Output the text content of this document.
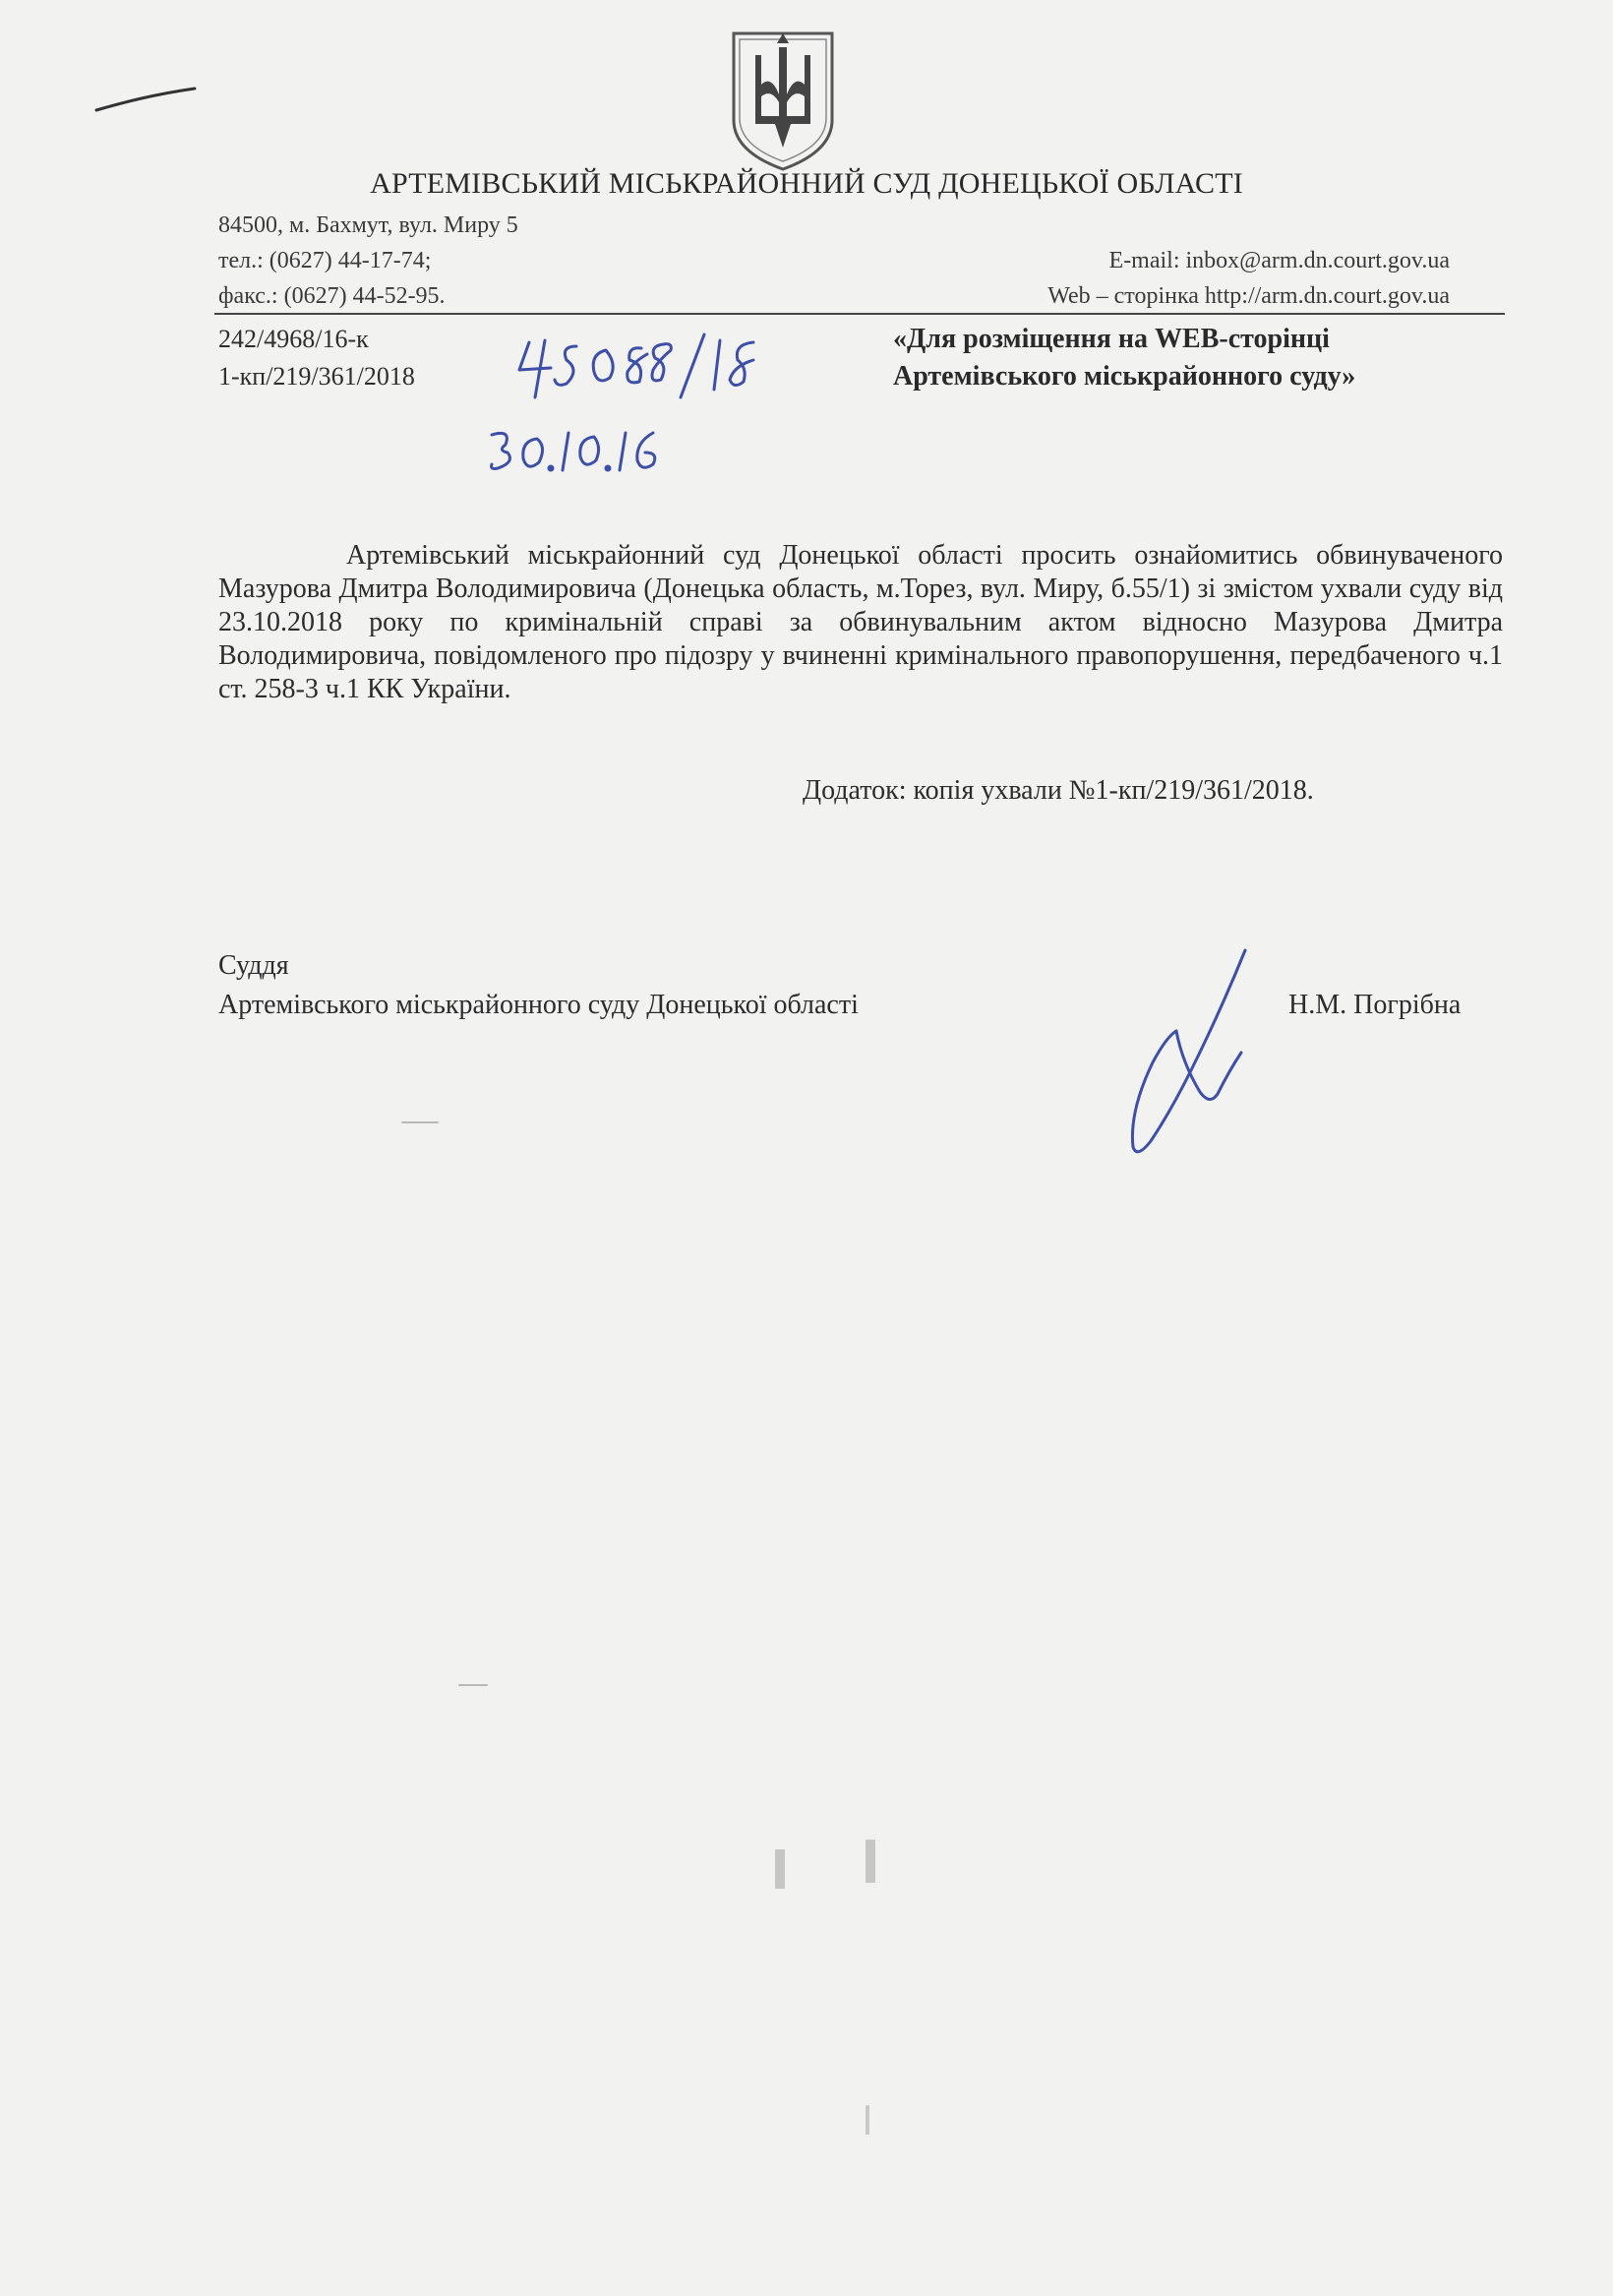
АРТЕМІВСЬКИЙ МІСЬКРАЙОННИЙ СУД ДОНЕЦЬКОЇ ОБЛАСТІ
84500, м. Бахмут, вул. Миру 5
тел.: (0627) 44-17-74;
факс.: (0627) 44-52-95.
E-mail: inbox@arm.dn.court.gov.ua
Web – сторінка http://arm.dn.court.gov.ua
242/4968/16-к
1-кп/219/361/2018
«Для розміщення на WEB-сторінці
Артемівського міськрайонного суду»
Артемівський міськрайонний суд Донецької області просить ознайомитись обвинуваченого Мазурова Дмитра Володимировича (Донецька область, м.Торез, вул. Миру, б.55/1) зі змістом ухвали суду від 23.10.2018 року по кримінальній справі за обвинувальним актом відносно Мазурова Дмитра Володимировича, повідомленого про підозру у вчиненні кримінального правопорушення, передбаченого ч.1 ст. 258-3 ч.1 КК України.
Додаток: копія ухвали №1-кп/219/361/2018.
Суддя
Артемівського міськрайонного суду Донецької області	Н.М. Погрібна
